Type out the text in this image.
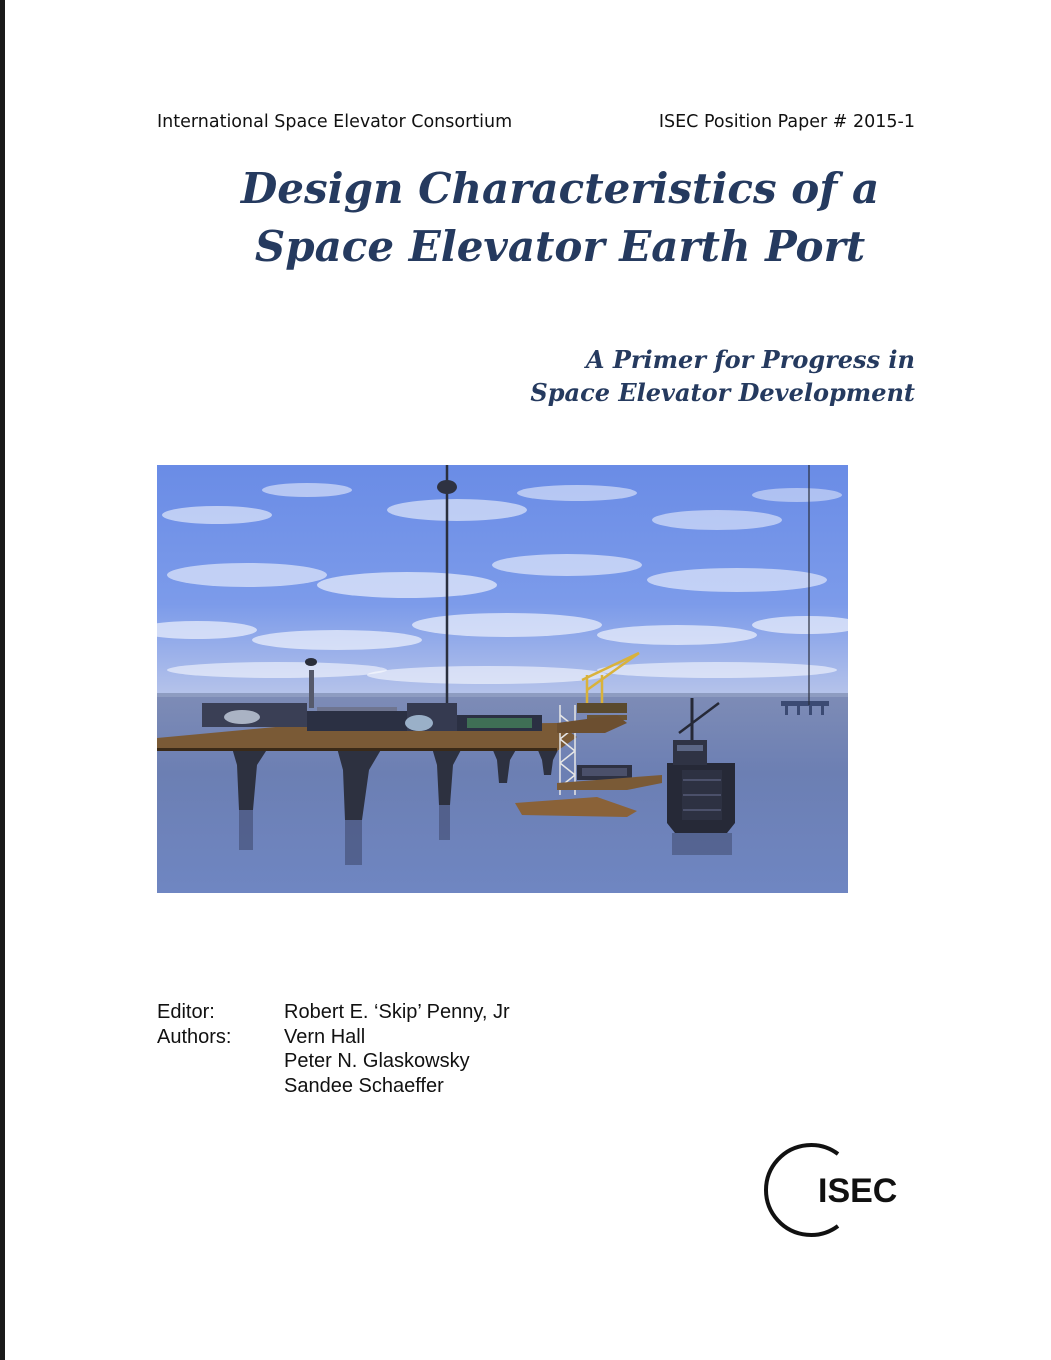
International Space Elevator Consortium	ISEC Position Paper # 2015-1
Design Characteristics of a
Space Elevator Earth Port
A Primer for Progress in
Space Elevator Development
Editor:	Robert E. ‘Skip’ Penny, Jr
Authors:	Vern Hall
Peter N. Glaskowsky
Sandee Schaeffer
ISEC
